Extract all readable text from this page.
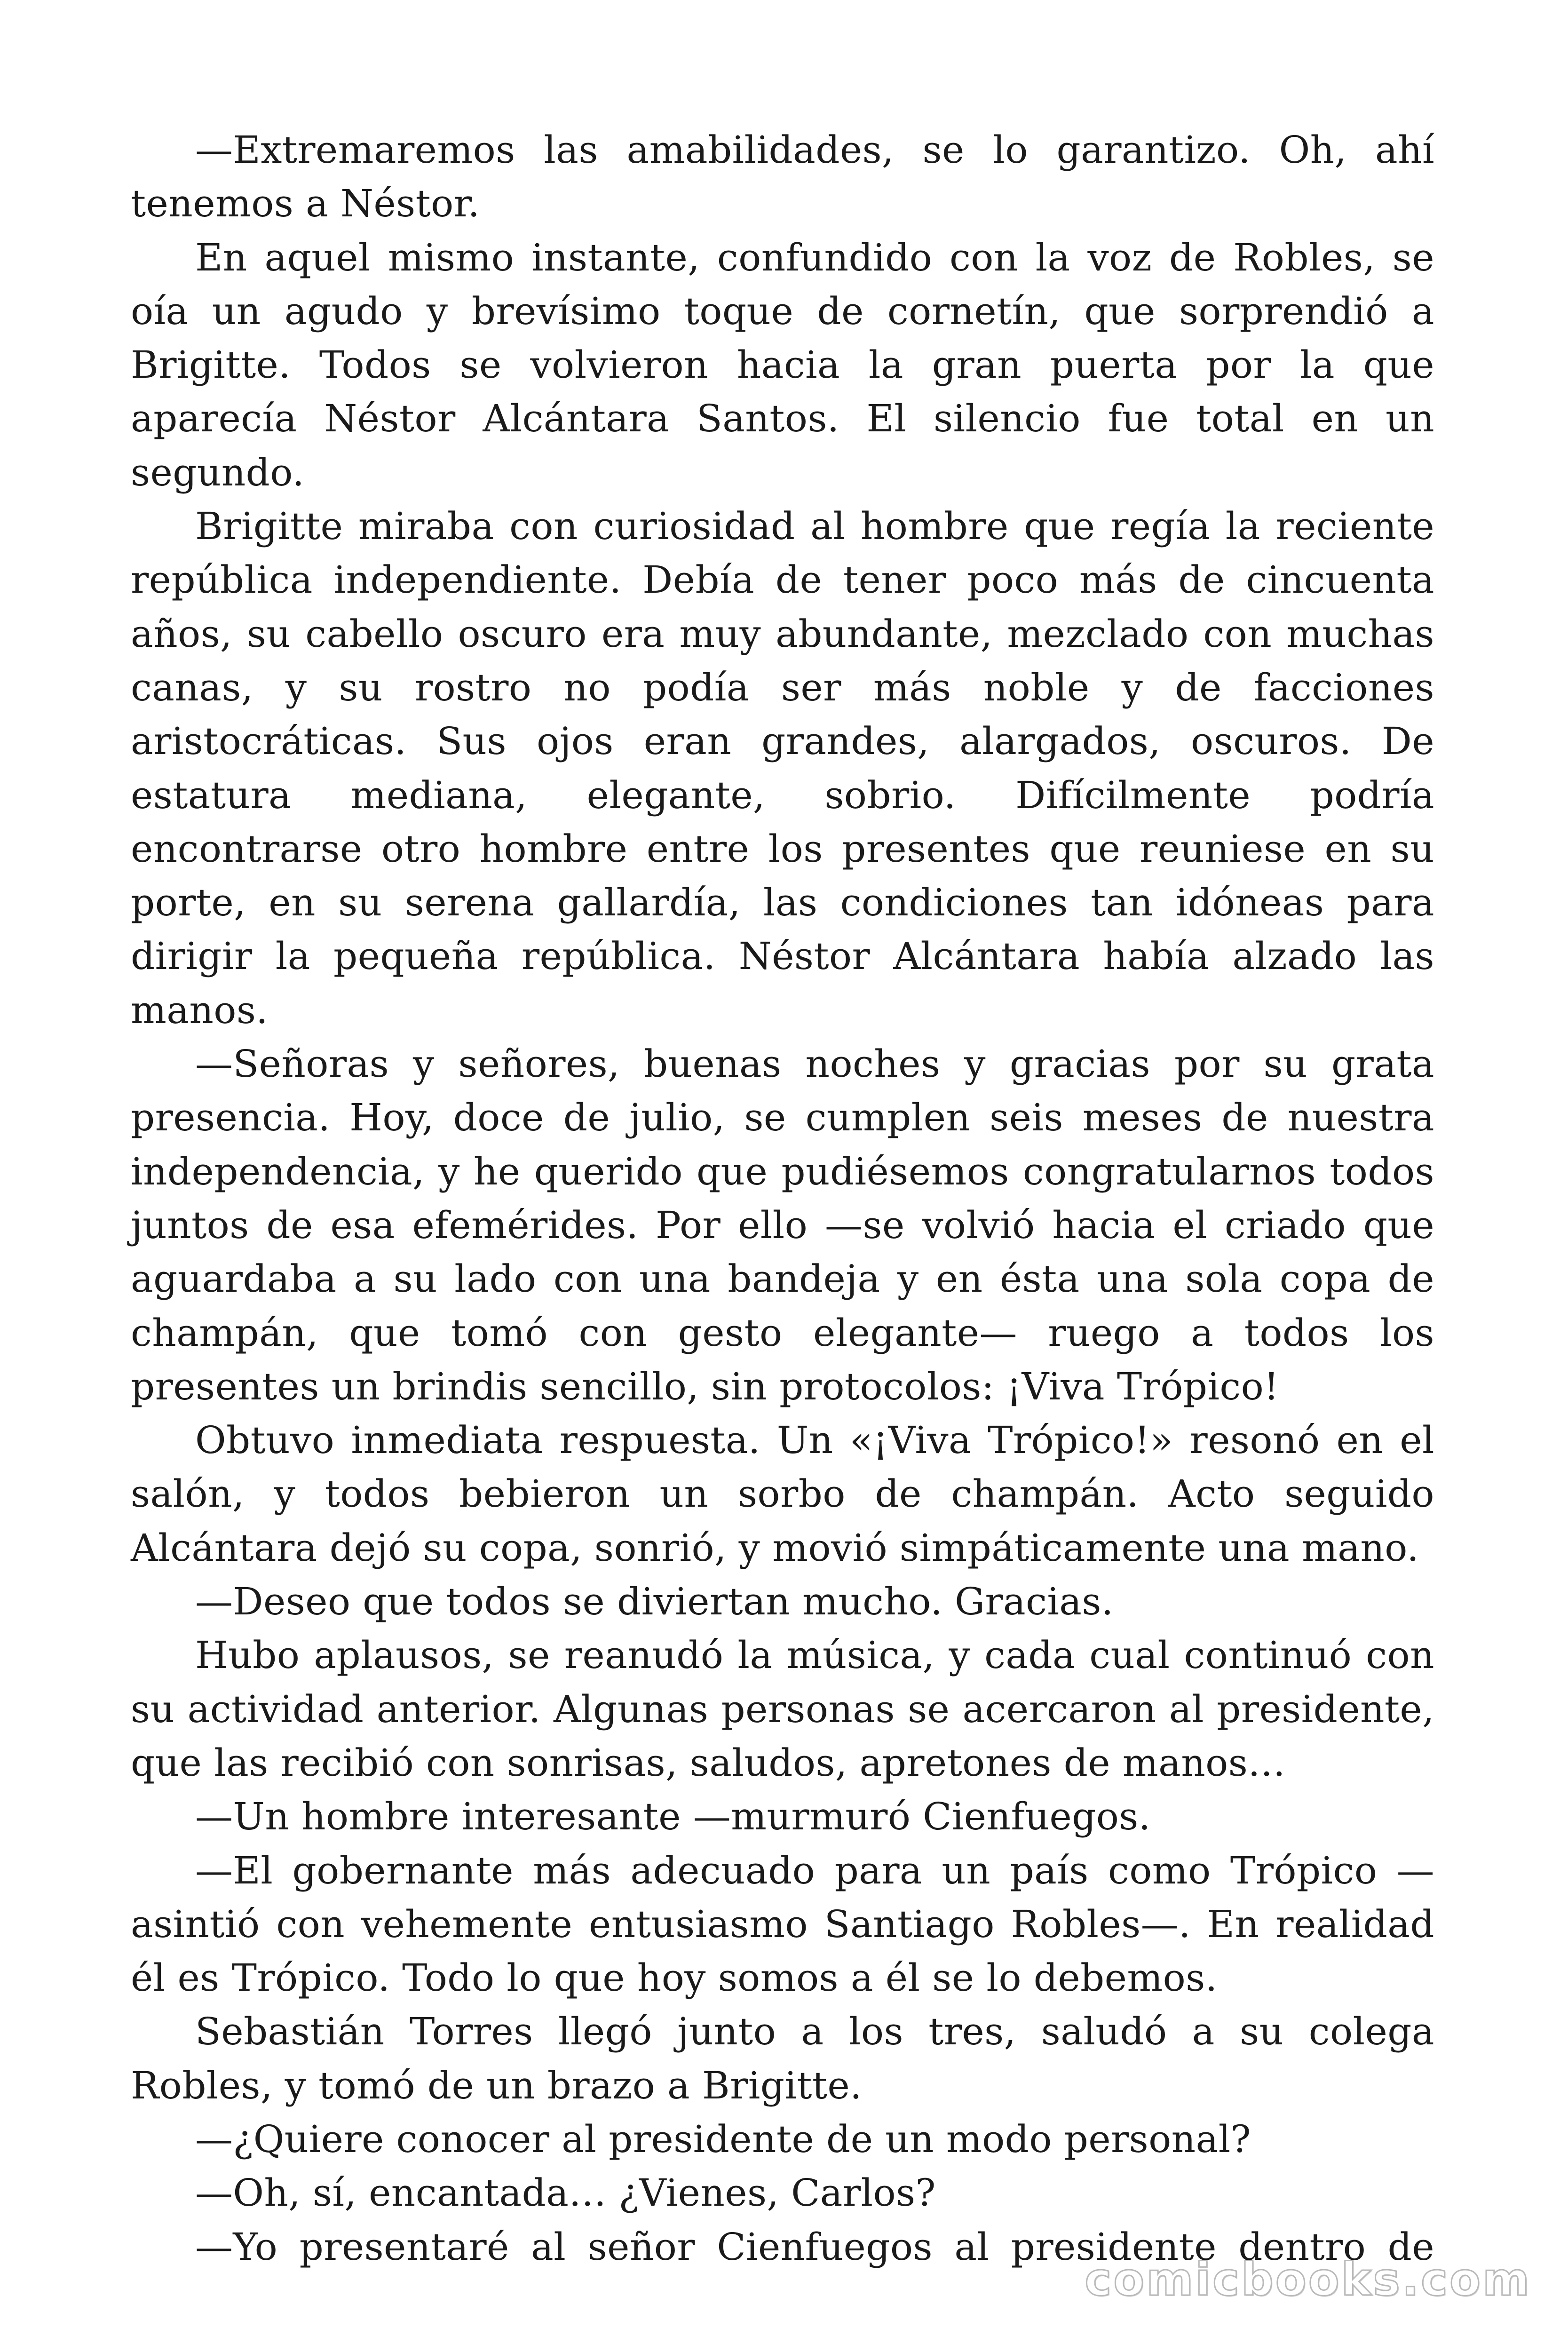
—Extremaremos las amabilidades, se lo garantizo. Oh, ahí tenemos a Néstor.

En aquel mismo instante, confundido con la voz de Robles, se oía un agudo y brevísimo toque de cornetín, que sorprendió a Brigitte. Todos se volvieron hacia la gran puerta por la que aparecía Néstor Alcántara Santos. El silencio fue total en un segundo.

Brigitte miraba con curiosidad al hombre que regía la reciente república independiente. Debía de tener poco más de cincuenta años, su cabello oscuro era muy abundante, mezclado con muchas canas, y su rostro no podía ser más noble y de facciones aristocráticas. Sus ojos eran grandes, alargados, oscuros. De estatura mediana, elegante, sobrio. Difícilmente podría encontrarse otro hombre entre los presentes que reuniese en su porte, en su serena gallardía, las condiciones tan idóneas para dirigir la pequeña república. Néstor Alcántara había alzado las manos.

—Señoras y señores, buenas noches y gracias por su grata presencia. Hoy, doce de julio, se cumplen seis meses de nuestra independencia, y he querido que pudiésemos congratularnos todos juntos de esa efemérides. Por ello —se volvió hacia el criado que aguardaba a su lado con una bandeja y en ésta una sola copa de champán, que tomó con gesto elegante— ruego a todos los presentes un brindis sencillo, sin protocolos: ¡Viva Trópico!

Obtuvo inmediata respuesta. Un «¡Viva Trópico!» resonó en el salón, y todos bebieron un sorbo de champán. Acto seguido Alcántara dejó su copa, sonrió, y movió simpáticamente una mano.

—Deseo que todos se diviertan mucho. Gracias.

Hubo aplausos, se reanudó la música, y cada cual continuó con su actividad anterior. Algunas personas se acercaron al presidente, que las recibió con sonrisas, saludos, apretones de manos…

—Un hombre interesante —murmuró Cienfuegos.

—El gobernante más adecuado para un país como Trópico —asintió con vehemente entusiasmo Santiago Robles—. En realidad él es Trópico. Todo lo que hoy somos a él se lo debemos.

Sebastián Torres llegó junto a los tres, saludó a su colega Robles, y tomó de un brazo a Brigitte.

—¿Quiere conocer al presidente de un modo personal?

—Oh, sí, encantada… ¿Vienes, Carlos?

—Yo presentaré al señor Cienfuegos al presidente dentro de

comicbooks.com
